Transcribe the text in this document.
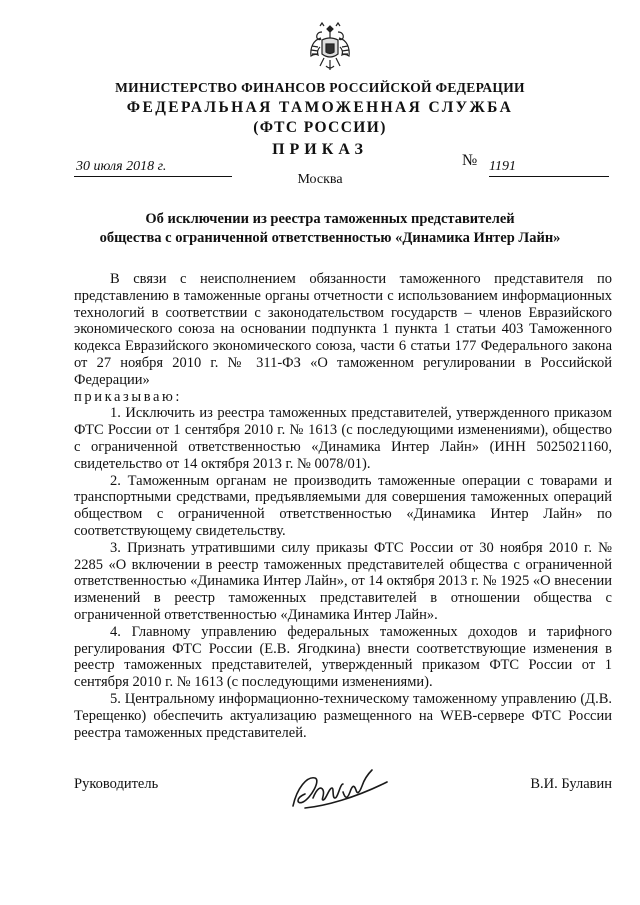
МИНИСТЕРСТВО ФИНАНСОВ РОССИЙСКОЙ ФЕДЕРАЦИИ
ФЕДЕРАЛЬНАЯ ТАМОЖЕННАЯ СЛУЖБА
(ФТС РОССИИ)
ПРИКАЗ
30 июля 2018 г.	№ 1191
Москва
Об исключении из реестра таможенных представителей
общества с ограниченной ответственностью «Динамика Интер Лайн»

В связи с неисполнением обязанности таможенного представителя по представлению в таможенные органы отчетности с использованием информационных технологий в соответствии с законодательством государств – членов Евразийского экономического союза на основании подпункта 1 пункта 1 статьи 403 Таможенного кодекса Евразийского экономического союза, части 6 статьи 177 Федерального закона от 27 ноября 2010 г. № 311-ФЗ «О таможенном регулировании в Российской Федерации»

приказываю:

1. Исключить из реестра таможенных представителей, утвержденного приказом ФТС России от 1 сентября 2010 г. № 1613 (с последующими изменениями), общество с ограниченной ответственностью «Динамика Интер Лайн» (ИНН 5025021160, свидетельство от 14 октября 2013 г. № 0078/01).

2. Таможенным органам не производить таможенные операции с товарами и транспортными средствами, предъявляемыми для совершения таможенных операций обществом с ограниченной ответственностью «Динамика Интер Лайн» по соответствующему свидетельству.

3. Признать утратившими силу приказы ФТС России от 30 ноября 2010 г. № 2285 «О включении в реестр таможенных представителей общества с ограниченной ответственностью «Динамика Интер Лайн», от 14 октября 2013 г. № 1925 «О внесении изменений в реестр таможенных представителей в отношении общества с ограниченной ответственностью «Динамика Интер Лайн».

4. Главному управлению федеральных таможенных доходов и тарифного регулирования ФТС России (Е.В. Ягодкина) внести соответствующие изменения в реестр таможенных представителей, утвержденный приказом ФТС России от 1 сентября 2010 г. № 1613 (с последующими изменениями).

5. Центральному информационно-техническому таможенному управлению (Д.В. Терещенко) обеспечить актуализацию размещенного на WEB-сервере ФТС России реестра таможенных представителей.

Руководитель	В.И. Булавин
